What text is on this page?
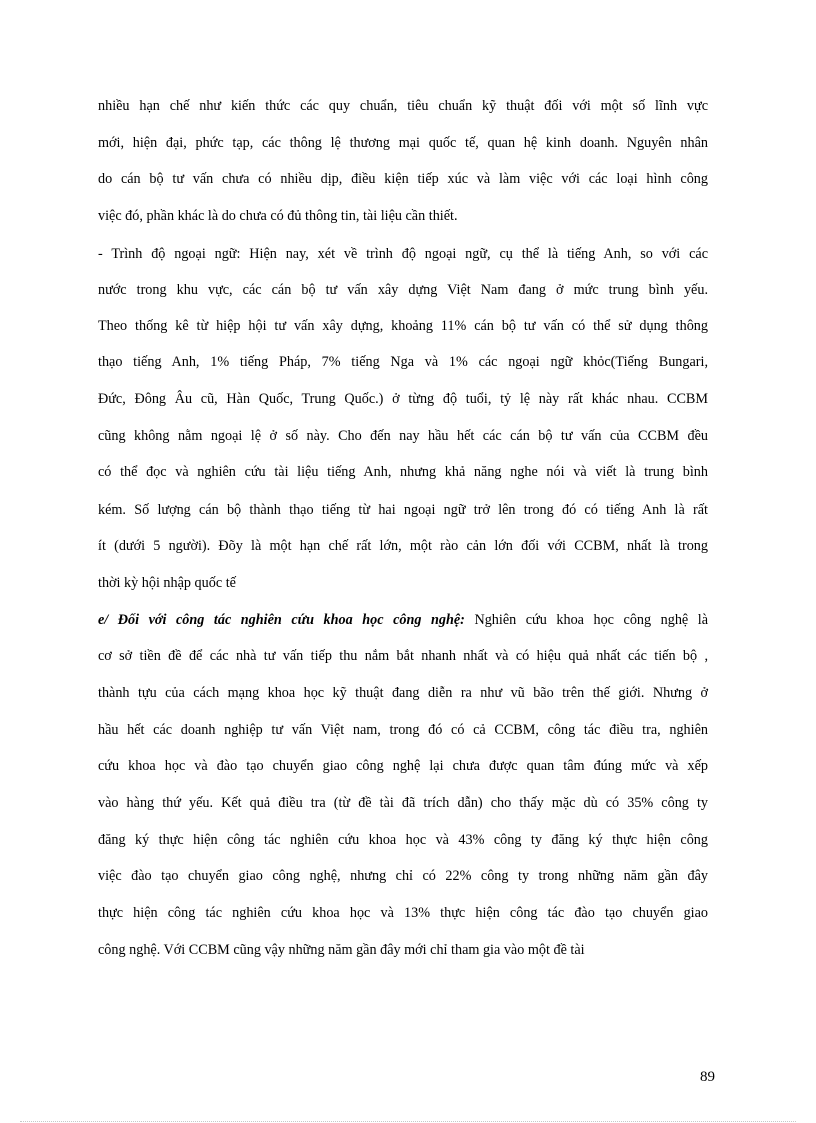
nhiều hạn chế như kiến thức các quy chuẩn, tiêu chuẩn kỹ thuật đối với một số lĩnh vực
mới, hiện đại, phức tạp, các thông lệ thương mại quốc tế, quan hệ kinh doanh. Nguyên nhân
do cán bộ tư vấn chưa có nhiều dịp, điều kiện tiếp xúc và làm việc với các loại hình công
việc đó, phần khác là do chưa có đủ thông tin, tài liệu cần thiết.
- Trình độ ngoại ngữ: Hiện nay, xét về trình độ ngoại ngữ, cụ thể là tiếng Anh, so với các
nước trong khu vực, các cán bộ tư vấn xây dựng Việt Nam đang ở mức trung bình yếu.
Theo thống kê từ hiệp hội tư vấn xây dựng, khoảng 11% cán bộ tư vấn có thể sử dụng thông
thạo tiếng Anh, 1% tiếng Pháp, 7% tiếng Nga và 1% các ngoại ngữ khỏc(Tiếng Bungari,
Đức, Đông Âu cũ, Hàn Quốc, Trung Quốc.) ở từng độ tuổi, tỷ lệ này rất khác nhau. CCBM
cũng không nằm ngoại lệ ở số này. Cho đến nay hầu hết các cán bộ tư vấn của CCBM đều
có thể đọc và nghiên cứu tài liệu tiếng Anh, nhưng khả năng nghe nói và viết là trung bình
kém. Số lượng cán bộ thành thạo tiếng từ hai ngoại ngữ trở lên trong đó có tiếng Anh là rất
ít (dưới 5 người). Đõy là một hạn chế rất lớn, một rào cản lớn đối với CCBM, nhất là trong
thời kỳ hội nhập quốc tế
e/ Đối với công tác nghiên cứu khoa học công nghệ: Nghiên cứu khoa học công nghệ là
cơ sở tiền đề để các nhà tư vấn tiếp thu nắm bắt nhanh nhất và có hiệu quả nhất các tiến bộ ,
thành tựu của cách mạng khoa học kỹ thuật đang diễn ra như vũ bão trên thế giới. Nhưng ở
hầu hết các doanh nghiệp tư vấn Việt nam, trong đó có cả CCBM, công tác điều tra, nghiên
cứu khoa học và đào tạo chuyển giao công nghệ lại chưa được quan tâm đúng mức và xếp
vào hàng thứ yếu. Kết quả điều tra (từ đề tài đã trích dẫn) cho thấy mặc dù có 35% công ty
đăng ký thực hiện công tác nghiên cứu khoa học và 43% công ty đăng ký thực hiện công
việc đào tạo chuyển giao công nghệ, nhưng chỉ có 22% công ty trong những năm gần đây
thực hiện công tác nghiên cứu khoa học và 13% thực hiện công tác đào tạo chuyển giao
công nghệ. Với CCBM cũng vậy những năm gần đây mới chỉ tham gia vào một đề tài
89
